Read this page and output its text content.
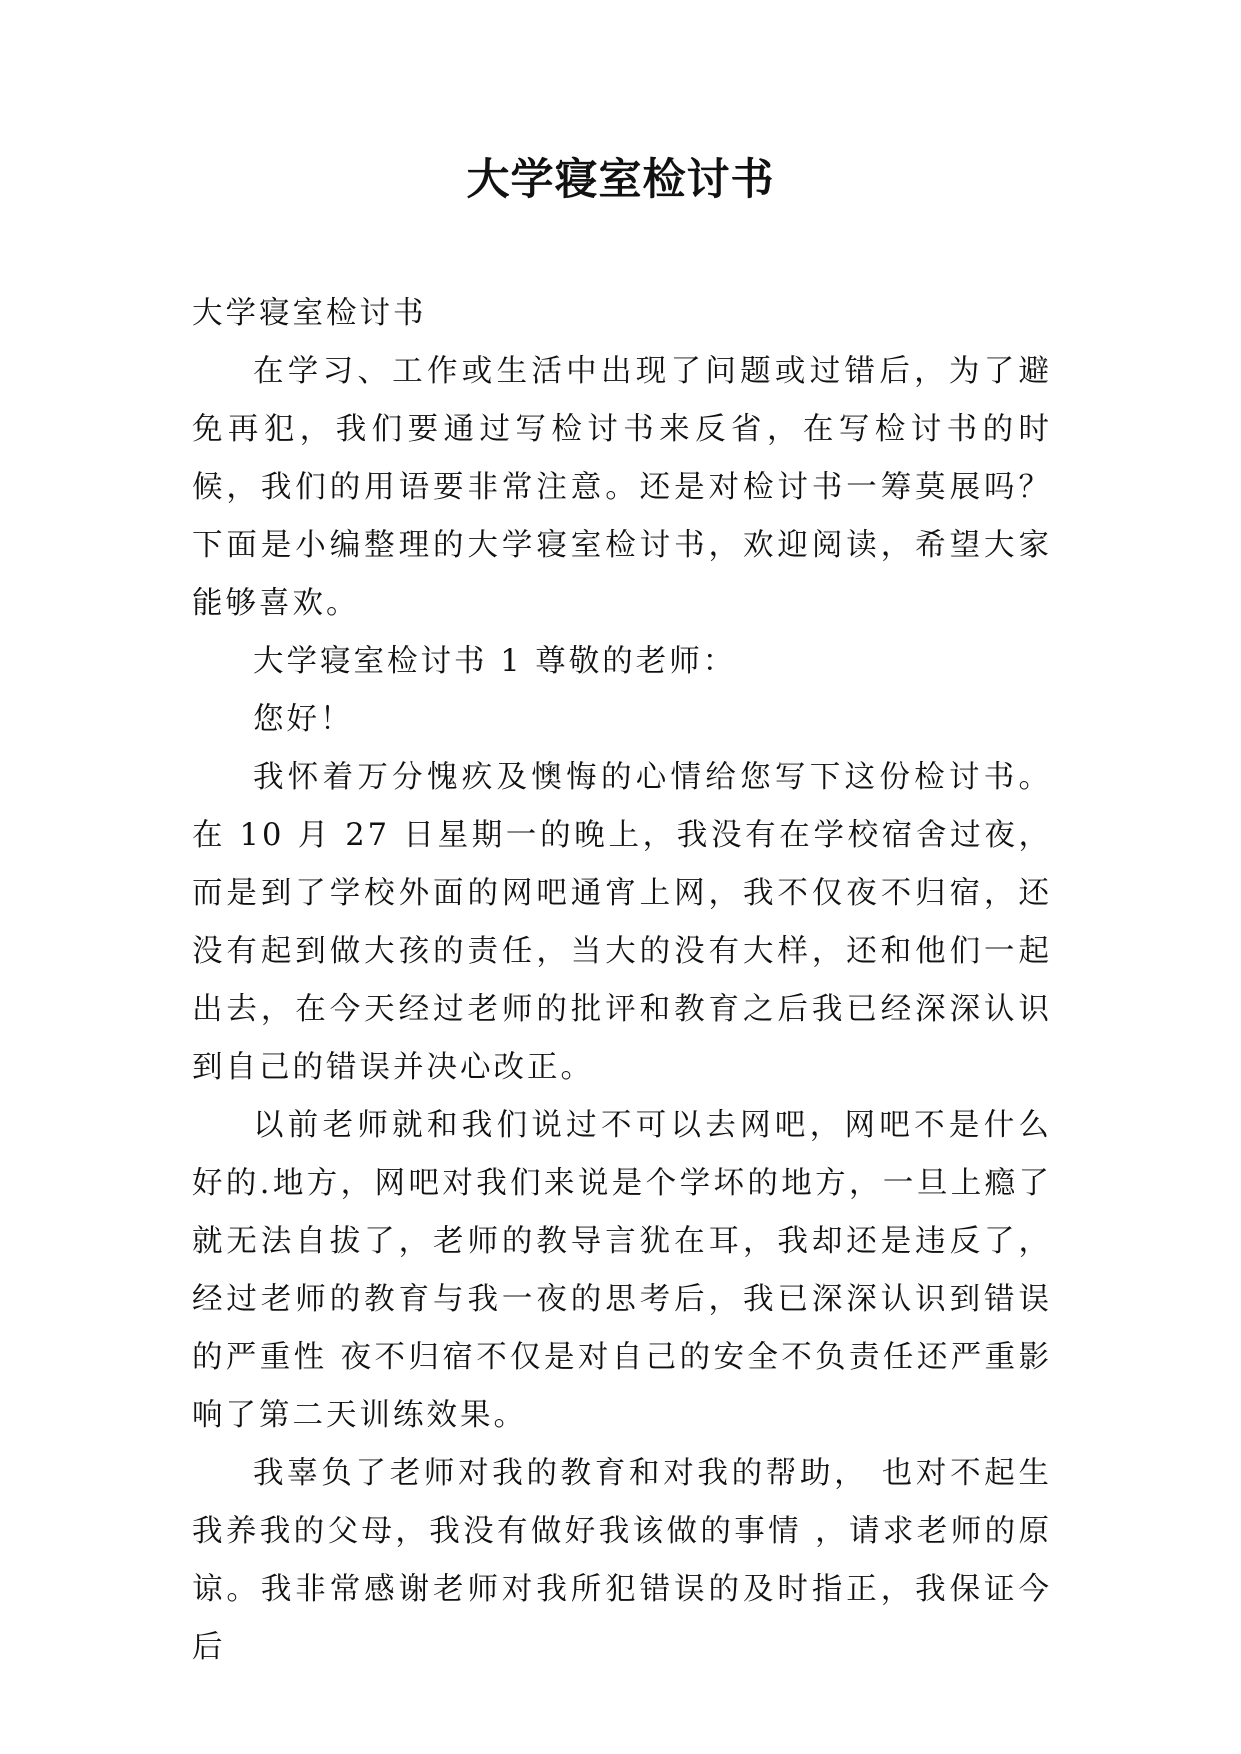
大学寝室检讨书

大学寝室检讨书

在学习、工作或生活中出现了问题或过错后，为了避免再犯，我们要通过写检讨书来反省，在写检讨书的时候，我们的用语要非常注意。还是对检讨书一筹莫展吗？下面是小编整理的大学寝室检讨书，欢迎阅读，希望大家能够喜欢。

大学寝室检讨书 1 尊敬的老师：

您好！

我怀着万分愧疚及懊悔的心情给您写下这份检讨书。在 10 月 27 日星期一的晚上，我没有在学校宿舍过夜，而是到了学校外面的网吧通宵上网，我不仅夜不归宿，还没有起到做大孩的责任，当大的没有大样，还和他们一起出去，在今天经过老师的批评和教育之后我已经深深认识到自己的错误并决心改正。

以前老师就和我们说过不可以去网吧，网吧不是什么好的.地方，网吧对我们来说是个学坏的地方，一旦上瘾了就无法自拔了，老师的教导言犹在耳，我却还是违反了，经过老师的教育与我一夜的思考后，我已深深认识到错误的严重性 夜不归宿不仅是对自己的安全不负责任还严重影响了第二天训练效果。

我辜负了老师对我的教育和对我的帮助， 也对不起生我养我的父母，我没有做好我该做的事情 ，请求老师的原谅。我非常感谢老师对我所犯错误的及时指正，我保证今后
